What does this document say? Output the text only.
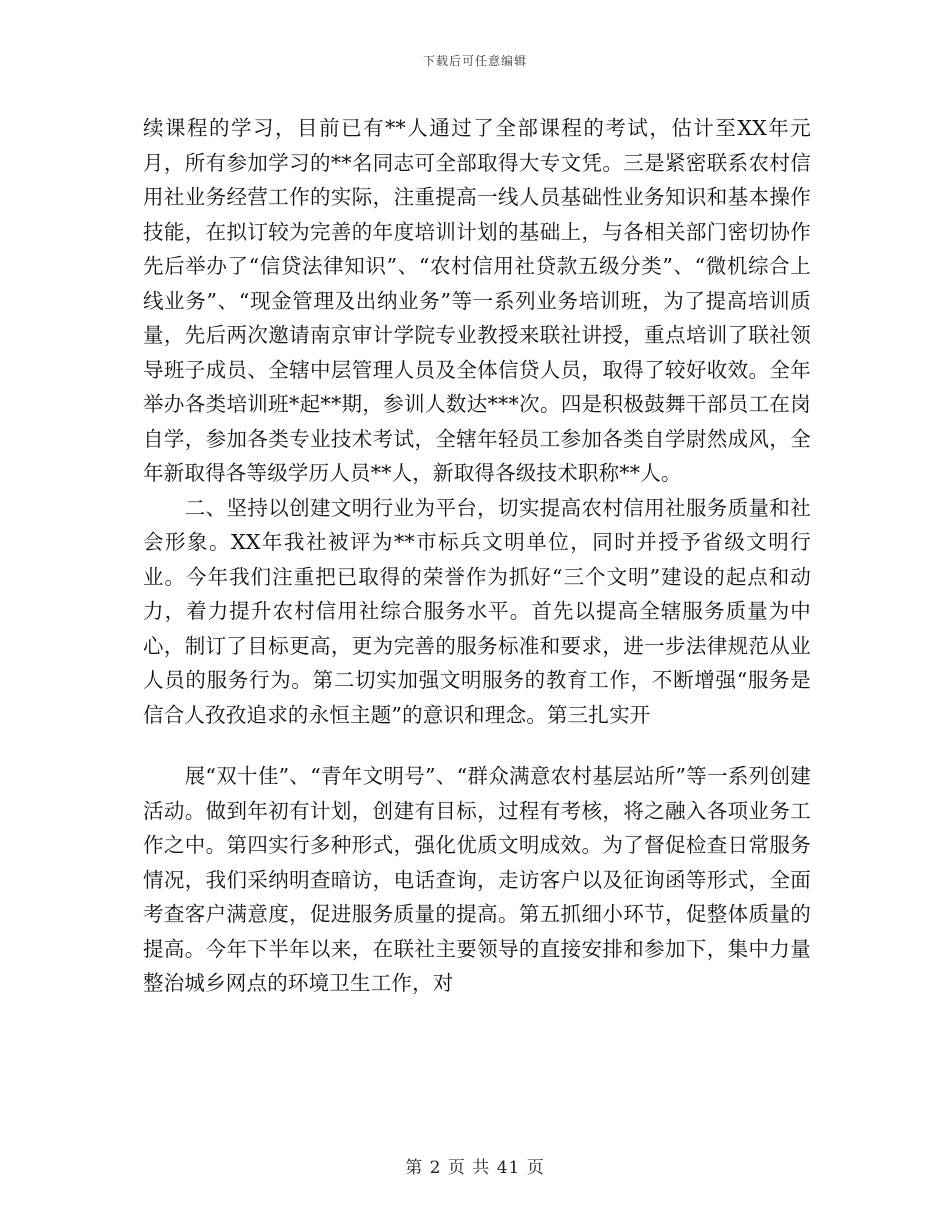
下载后可任意编辑

续课程的学习，目前已有**人通过了全部课程的考试，估计至XX年元月，所有参加学习的**名同志可全部取得大专文凭。三是紧密联系农村信用社业务经营工作的实际，注重提高一线人员基础性业务知识和基本操作技能，在拟订较为完善的年度培训计划的基础上，与各相关部门密切协作先后举办了“信贷法律知识”、“农村信用社贷款五级分类”、“微机综合上线业务”、“现金管理及出纳业务”等一系列业务培训班，为了提高培训质量，先后两次邀请南京审计学院专业教授来联社讲授，重点培训了联社领导班子成员、全辖中层管理人员及全体信贷人员，取得了较好收效。全年举办各类培训班*起**期，参训人数达***次。四是积极鼓舞干部员工在岗自学，参加各类专业技术考试，全辖年轻员工参加各类自学尉然成风，全年新取得各等级学历人员**人，新取得各级技术职称**人。

　　二、坚持以创建文明行业为平台，切实提高农村信用社服务质量和社会形象。XX年我社被评为**市标兵文明单位，同时并授予省级文明行业。今年我们注重把已取得的荣誉作为抓好“三个文明”建设的起点和动力，着力提升农村信用社综合服务水平。首先以提高全辖服务质量为中心，制订了目标更高，更为完善的服务标准和要求，进一步法律规范从业人员的服务行为。第二切实加强文明服务的教育工作，不断增强“服务是信合人孜孜追求的永恒主题”的意识和理念。第三扎实开

　　展“双十佳”、“青年文明号”、“群众满意农村基层站所”等一系列创建活动。做到年初有计划，创建有目标，过程有考核，将之融入各项业务工作之中。第四实行多种形式，强化优质文明成效。为了督促检查日常服务情况，我们采纳明查暗访，电话查询，走访客户以及征询函等形式，全面考查客户满意度，促进服务质量的提高。第五抓细小环节，促整体质量的提高。今年下半年以来，在联社主要领导的直接安排和参加下，集中力量整治城乡网点的环境卫生工作，对

第 2 页 共 41 页
